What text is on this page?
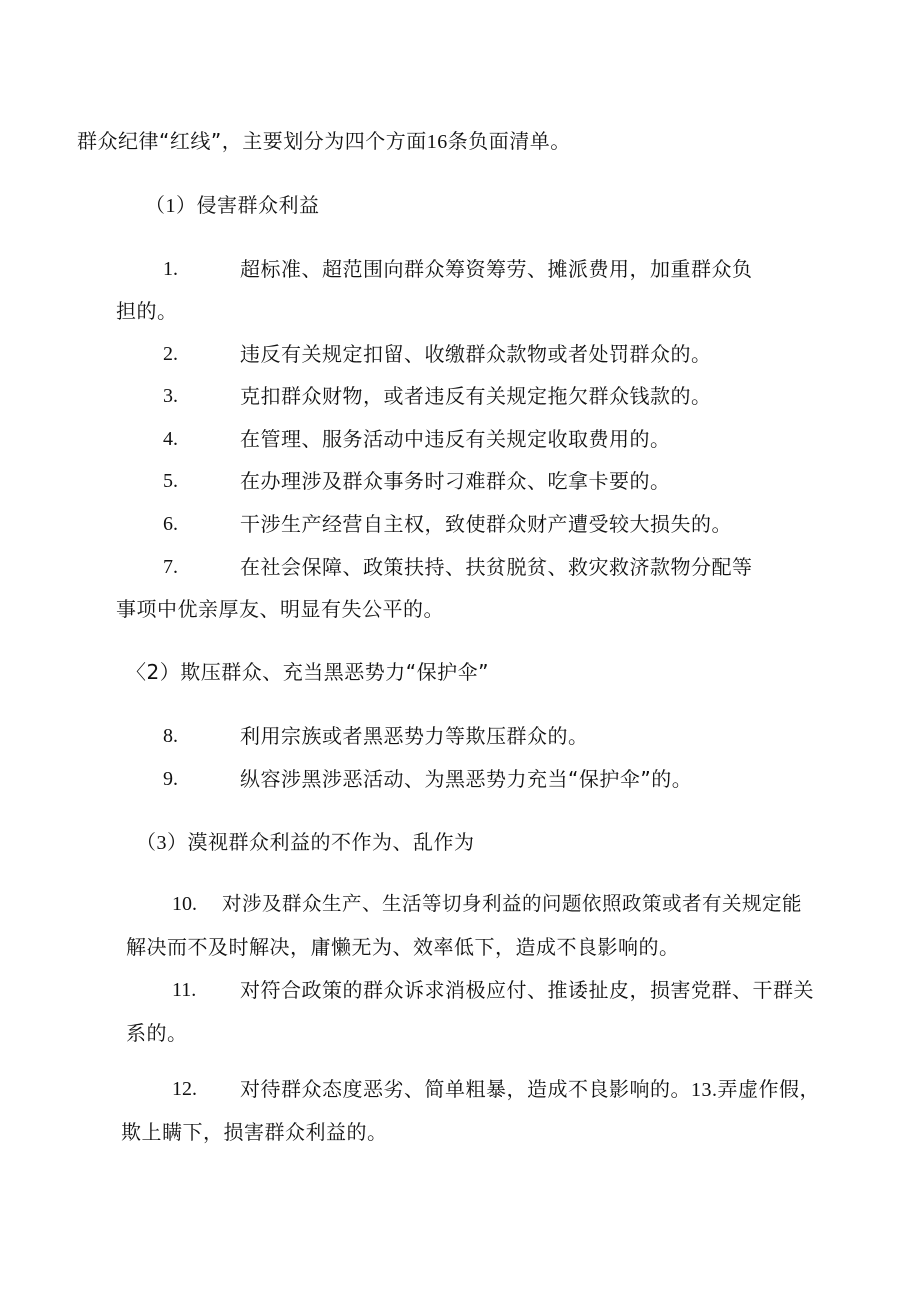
群众纪律“红线”，主要划分为四个方面16条负面清单。
（1）侵害群众利益
1.	超标准、超范围向群众筹资筹劳、摊派费用，加重群众负
担的。
2.	违反有关规定扣留、收缴群众款物或者处罚群众的。
3.	克扣群众财物，或者违反有关规定拖欠群众钱款的。
4.	在管理、服务活动中违反有关规定收取费用的。
5.	在办理涉及群众事务时刁难群众、吃拿卡要的。
6.	干涉生产经营自主权，致使群众财产遭受较大损失的。
7.	在社会保障、政策扶持、扶贫脱贫、救灾救济款物分配等
事项中优亲厚友、明显有失公平的。
〈2）欺压群众、充当黑恶势力“保护伞”
8.	利用宗族或者黑恶势力等欺压群众的。
9.	纵容涉黑涉恶活动、为黑恶势力充当“保护伞”的。
（3）漠视群众利益的不作为、乱作为
10. 对涉及群众生产、生活等切身利益的问题依照政策或者有关规定能
解决而不及时解决，庸懒无为、效率低下，造成不良影响的。
11. 对符合政策的群众诉求消极应付、推诿扯皮，损害党群、干群关
系的。
12. 对待群众态度恶劣、简单粗暴，造成不良影响的。13.弄虚作假，
欺上瞒下，损害群众利益的。
